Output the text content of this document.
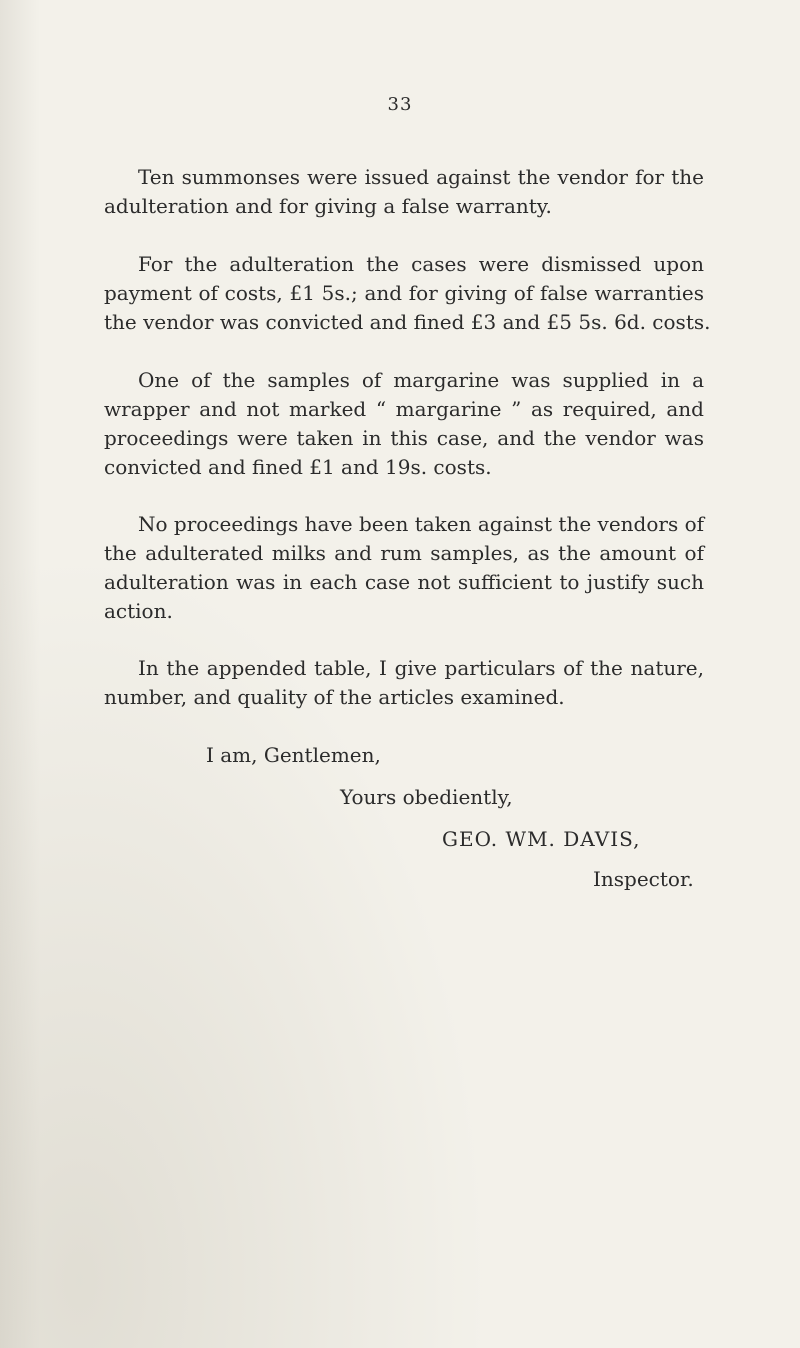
33

Ten summonses were issued against the vendor for the
adulteration and for giving a false warranty.

For the adulteration the cases were dismissed upon
payment of costs, £1 5s.; and for giving of false warranties
the vendor was convicted and fined £3 and £5 5s. 6d. costs.

One of the samples of margarine was supplied in a
wrapper and not marked “ margarine ” as required, and
proceedings were taken in this case, and the vendor was
convicted and fined £1 and 19s. costs.

No proceedings have been taken against the vendors of
the adulterated milks and rum samples, as the amount of
adulteration was in each case not sufficient to justify such
action.

In the appended table, I give particulars of the nature,
number, and quality of the articles examined.

I am, Gentlemen,
Yours obediently,
GEO. WM. DAVIS,
Inspector.
